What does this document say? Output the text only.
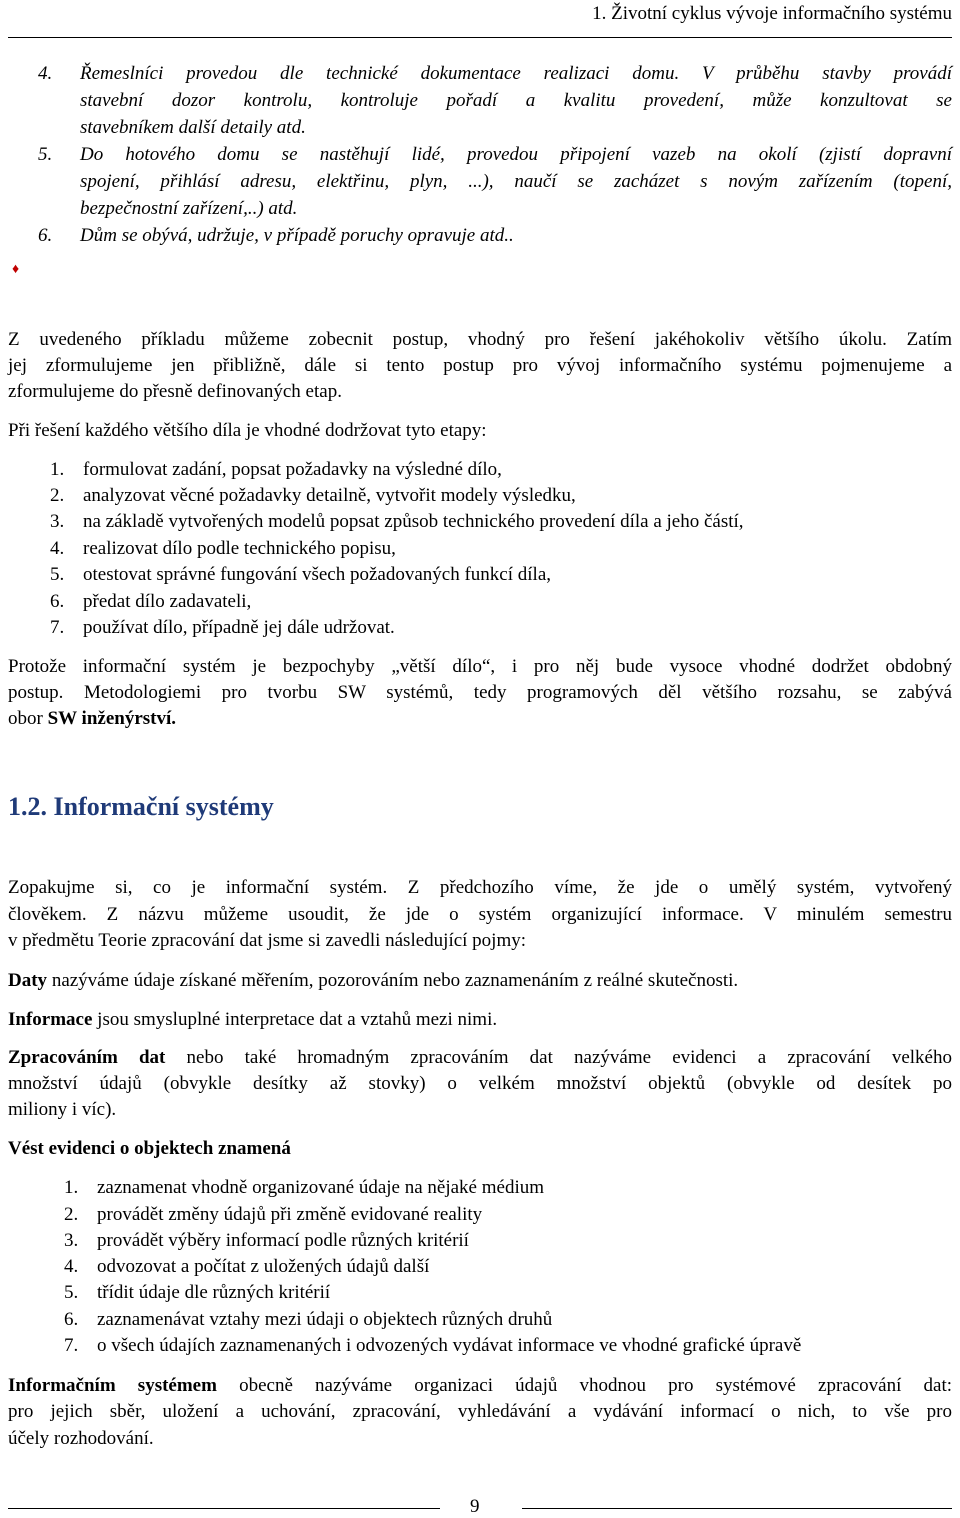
1. Životní cyklus vývoje informačního systému
4. Řemeslníci provedou dle technické dokumentace realizaci domu. V průběhu stavby provádí
stavební dozor kontrolu, kontroluje pořadí a kvalitu provedení, může konzultovat se
stavebníkem další detaily atd.
5. Do hotového domu se nastěhují lidé, provedou připojení vazeb na okolí (zjistí dopravní
spojení, přihlásí adresu, elektřinu, plyn, ...), naučí se zacházet s novým zařízením (topení,
bezpečnostní zařízení,..) atd.
6. Dům se obývá, udržuje, v případě poruchy opravuje atd..
♦
Z uvedeného příkladu můžeme zobecnit postup, vhodný pro řešení jakéhokoliv většího úkolu. Zatím
jej zformulujeme jen přibližně, dále si tento postup pro vývoj informačního systému pojmenujeme a
zformulujeme do přesně definovaných etap.
Při řešení každého většího díla je vhodné dodržovat tyto etapy:
1. formulovat zadání, popsat požadavky na výsledné dílo,
2. analyzovat věcné požadavky detailně, vytvořit modely výsledku,
3. na základě vytvořených modelů popsat způsob technického provedení díla a jeho částí,
4. realizovat dílo podle technického popisu,
5. otestovat správné fungování všech požadovaných funkcí díla,
6. předat dílo zadavateli,
7. používat dílo, případně jej dále udržovat.
Protože informační systém je bezpochyby „větší dílo“, i pro něj bude vysoce vhodné dodržet obdobný
postup. Metodologiemi pro tvorbu SW systémů, tedy programových děl většího rozsahu, se zabývá
obor SW inženýrství.
1.2. Informační systémy
Zopakujme si, co je informační systém. Z předchozího víme, že jde o umělý systém, vytvořený
člověkem. Z názvu můžeme usoudit, že jde o systém organizující informace. V minulém semestru
v předmětu Teorie zpracování dat jsme si zavedli následující pojmy:
Daty nazýváme údaje získané měřením, pozorováním nebo zaznamenáním z reálné skutečnosti.
Informace jsou smysluplné interpretace dat a vztahů mezi nimi.
Zpracováním dat nebo také hromadným zpracováním dat nazýváme evidenci a zpracování velkého
množství údajů (obvykle desítky až stovky) o velkém množství objektů (obvykle od desítek po
miliony i víc).
Vést evidenci o objektech znamená
1. zaznamenat vhodně organizované údaje na nějaké médium
2. provádět změny údajů při změně evidované reality
3. provádět výběry informací podle různých kritérií
4. odvozovat a počítat z uložených údajů další
5. třídit údaje dle různých kritérií
6. zaznamenávat vztahy mezi údaji o objektech různých druhů
7. o všech údajích zaznamenaných i odvozených vydávat informace ve vhodné grafické úpravě
Informačním systémem obecně nazýváme organizaci údajů vhodnou pro systémové zpracování dat:
pro jejich sběr, uložení a uchování, zpracování, vyhledávání a vydávání informací o nich, to vše pro
účely rozhodování.
9
